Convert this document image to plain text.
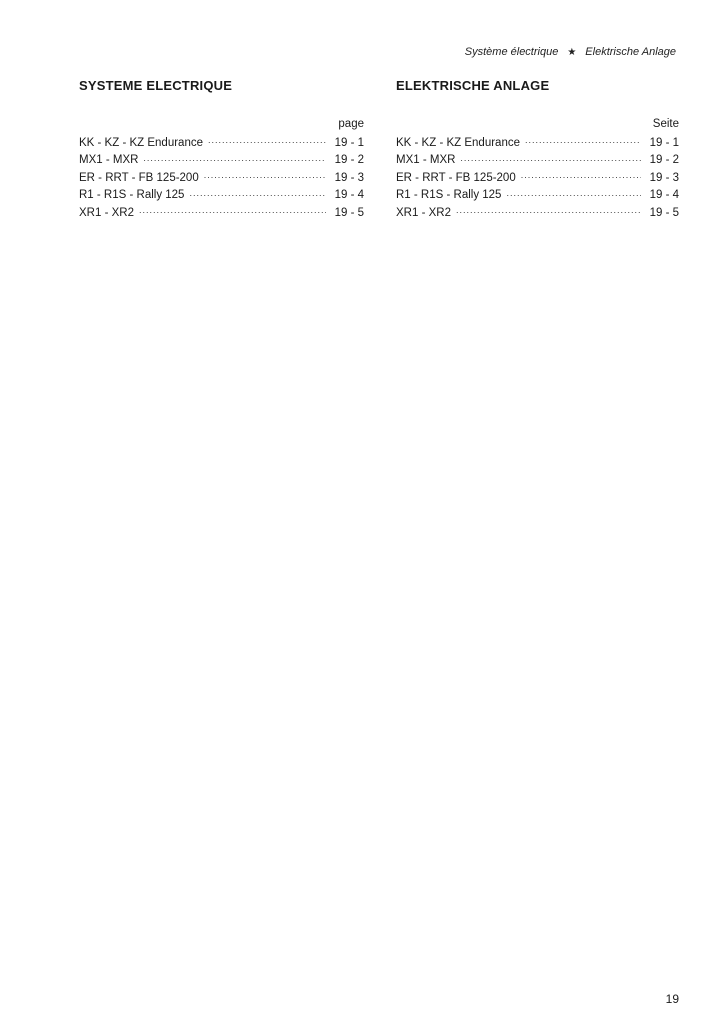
Système électrique ★ Elektrische Anlage
SYSTEME ELECTRIQUE
page
KK - KZ - KZ Endurance .....	19 - 1
MX1 - MXR .....	19 - 2
ER - RRT - FB 125-200 .....	19 - 3
R1 - R1S - Rally 125 .....	19 - 4
XR1 - XR2 .....	19 - 5
ELEKTRISCHE ANLAGE
Seite
KK - KZ - KZ Endurance .....	19 - 1
MX1 - MXR .....	19 - 2
ER - RRT - FB 125-200 .....	19 - 3
R1 - R1S - Rally 125 .....	19 - 4
XR1 - XR2 .....	19 - 5
19
